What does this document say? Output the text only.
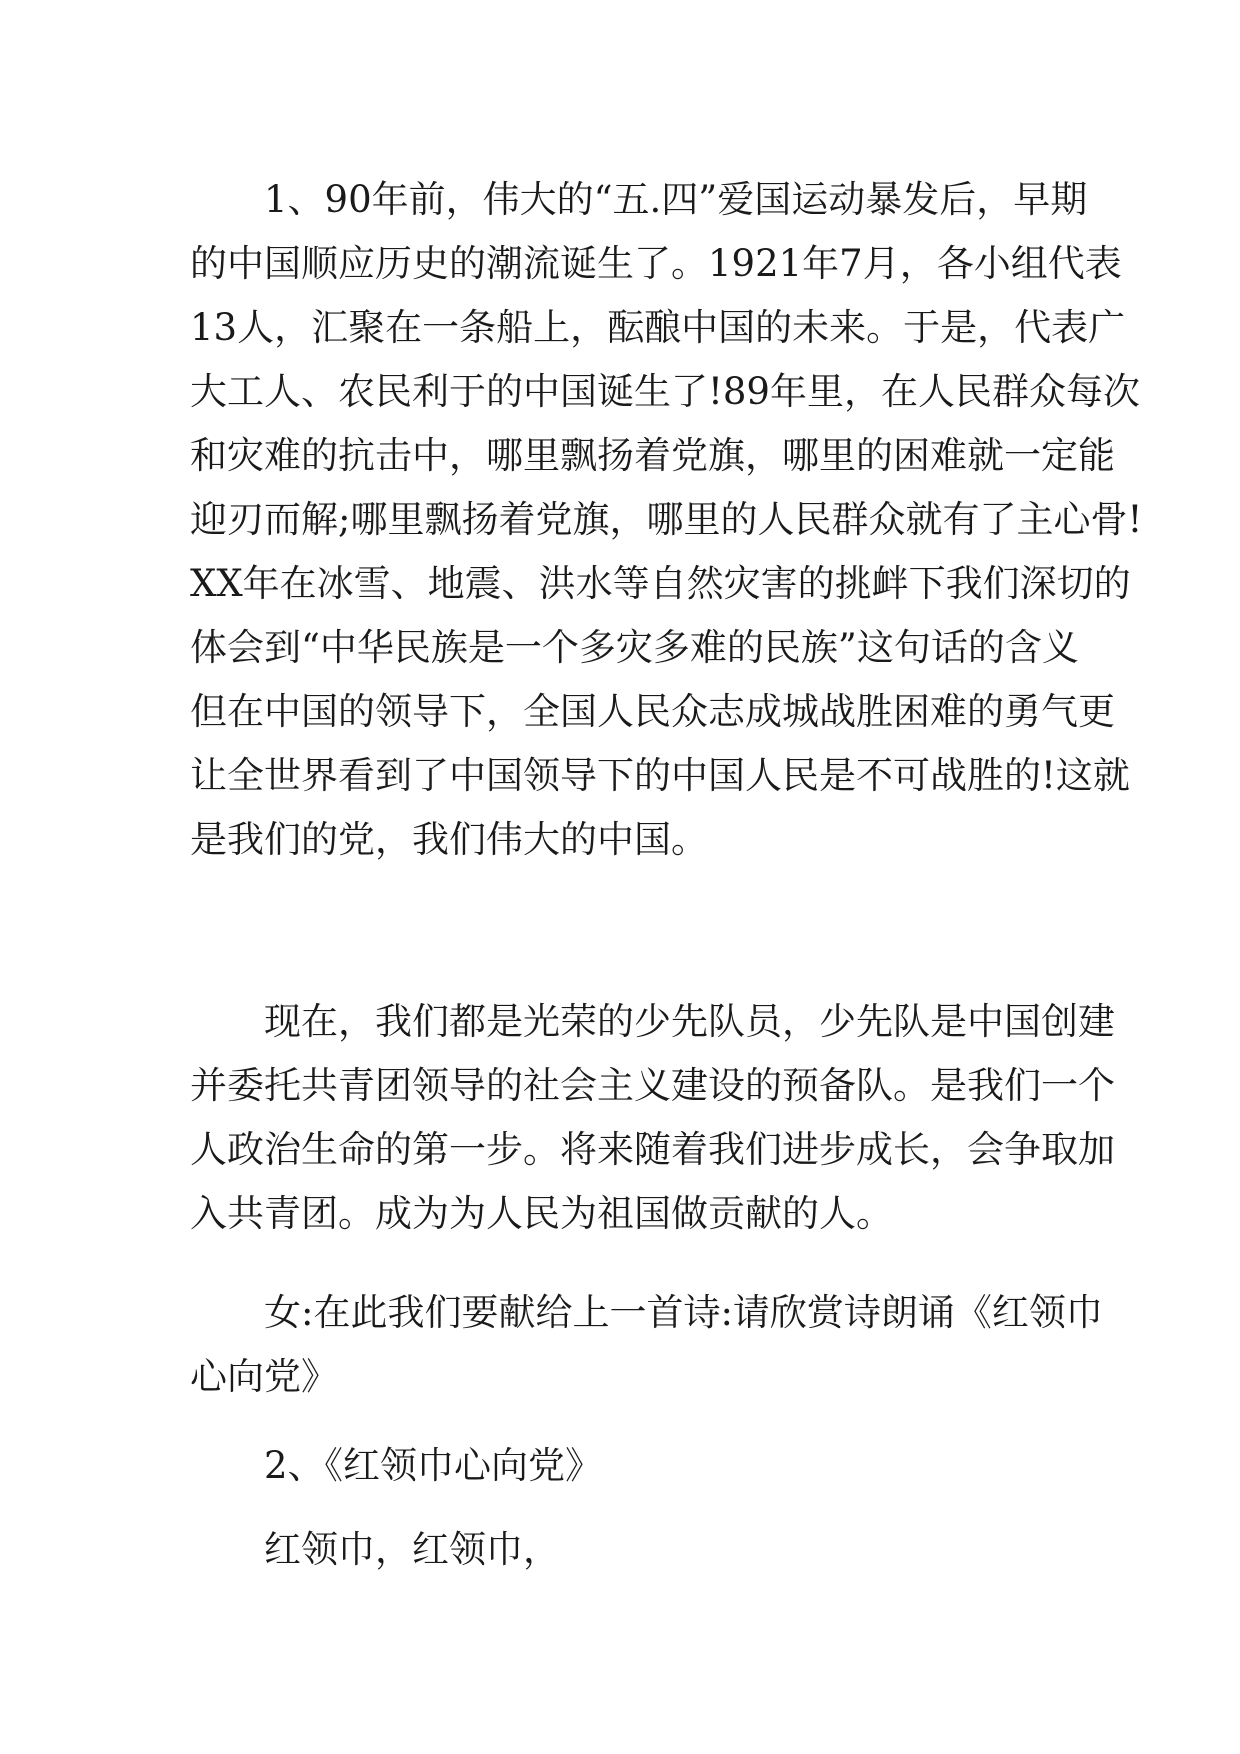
　　1、90年前，伟大的“五.四”爱国运动暴发后，早期
的中国顺应历史的潮流诞生了。1921年7月，各小组代表
13人，汇聚在一条船上，酝酿中国的未来。于是，代表广
大工人、农民利于的中国诞生了!89年里，在人民群众每次
和灾难的抗击中，哪里飘扬着党旗，哪里的困难就一定能
迎刃而解;哪里飘扬着党旗，哪里的人民群众就有了主心骨!
XX年在冰雪、地震、洪水等自然灾害的挑衅下我们深切的
体会到“中华民族是一个多灾多难的民族”这句话的含义
但在中国的领导下，全国人民众志成城战胜困难的勇气更
让全世界看到了中国领导下的中国人民是不可战胜的!这就
是我们的党，我们伟大的中国。
　　现在，我们都是光荣的少先队员，少先队是中国创建
并委托共青团领导的社会主义建设的预备队。是我们一个
人政治生命的第一步。将来随着我们进步成长，会争取加
入共青团。成为为人民为祖国做贡献的人。
　　女:在此我们要献给上一首诗:请欣赏诗朗诵《红领巾
心向党》
　　2、《红领巾心向党》
　　红领巾，红领巾，
